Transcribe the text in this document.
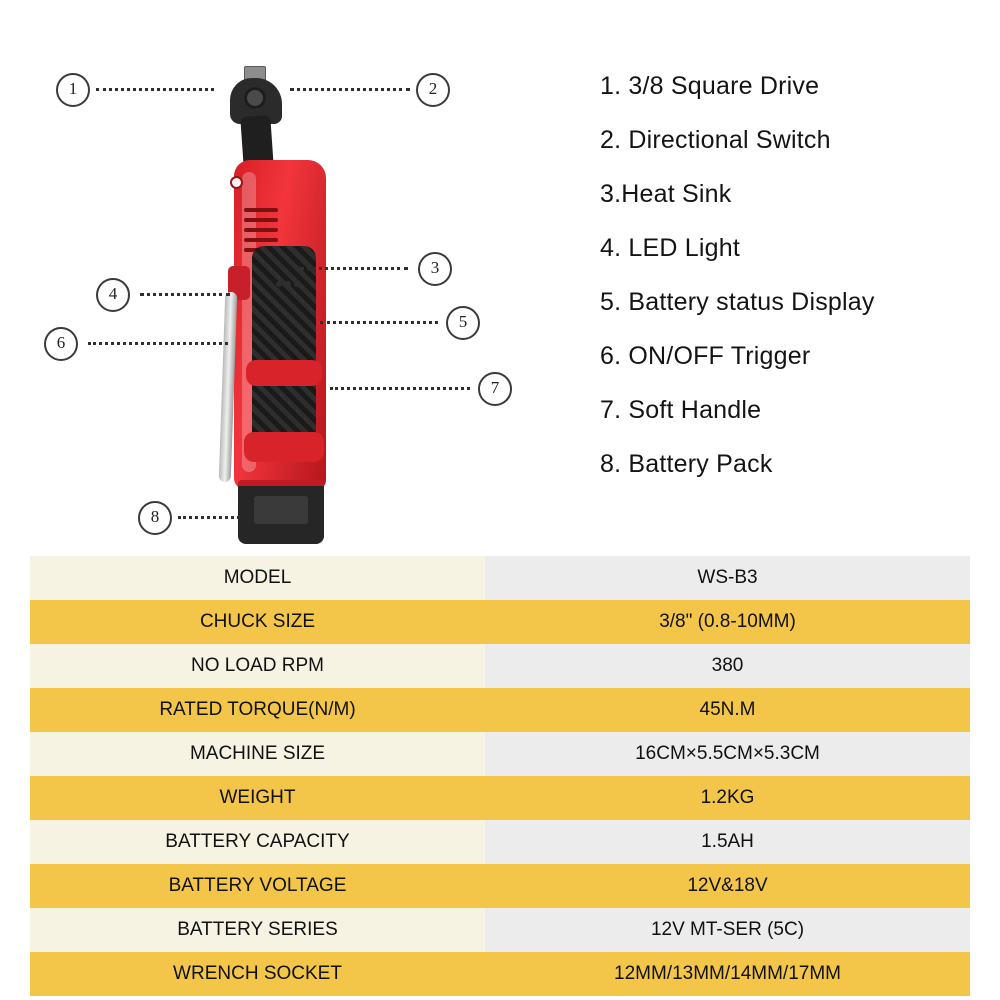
1	2
3
4
5
6
7
8
1. 3/8 Square Drive
2. Directional Switch
3.Heat Sink
4. LED Light
5. Battery status Display
6. ON/OFF Trigger
7. Soft Handle
8. Battery Pack
MODEL	WS-B3
CHUCK SIZE	3/8" (0.8-10MM)
NO LOAD RPM	380
RATED TORQUE(N/M)	45N.M
MACHINE SIZE	16CM×5.5CM×5.3CM
WEIGHT	1.2KG
BATTERY CAPACITY	1.5AH
BATTERY VOLTAGE	12V&18V
BATTERY SERIES	12V MT-SER (5C)
WRENCH SOCKET	12MM/13MM/14MM/17MM
